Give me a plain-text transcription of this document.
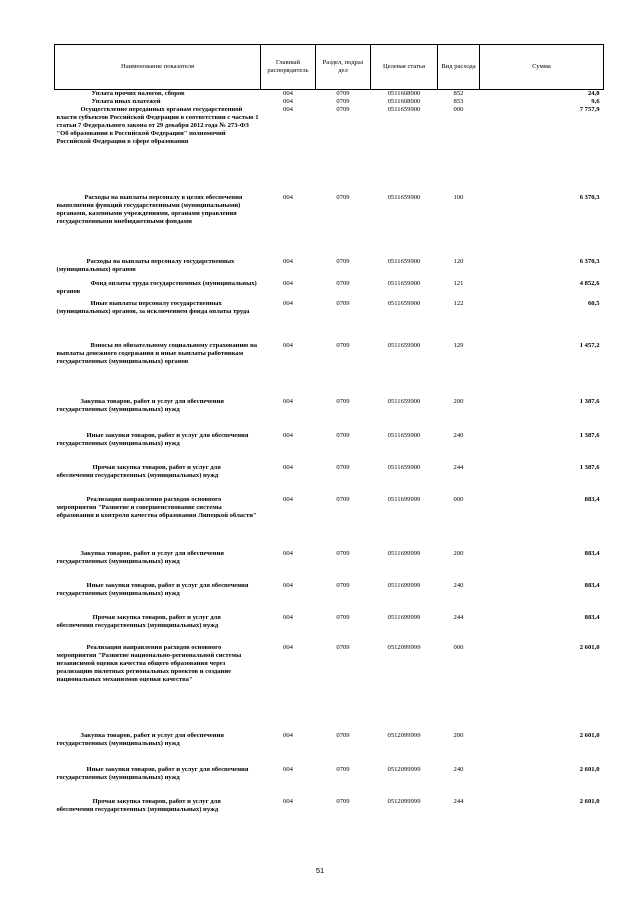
Наименование показателя	Главный распорядитель	Раздел, подраз дел	Целевая статья	Вид расхода	Сумма
Уплата прочих налогов, сборов	004	0709	0511608000	852	24,8
Уплата иных платежей	004	0709	0511608000	853	9,6
Осуществление переданных органам государственной власти субъектов Российской Федерации в соответствии с частью 1 статьи 7 Федерального закона от 29 декабря 2012 года № 273-ФЗ "Об образовании в Российской Федерации" полномочий Российской Федерации в сфере образования	004	0709	0511659900	000	7 757,9
Расходы на выплаты персоналу в целях обеспечения выполнения функций государственными (муниципальными) органами, казенными учреждениями, органами управления государственными внебюджетными фондами	004	0709	0511659900	100	6 370,3
Расходы на выплаты персоналу государственных (муниципальных) органов	004	0709	0511659900	120	6 370,3
Фонд оплаты труда государственных (муниципальных) органов	004	0709	0511659900	121	4 852,6
Иные выплаты персоналу государственных (муниципальных) органов, за исключением фонда оплаты труда	004	0709	0511659900	122	60,5
Взносы по обязательному социальному страхованию на выплаты денежного содержания и иные выплаты работникам государственных (муниципальных) органов	004	0709	0511659900	129	1 457,2
Закупка товаров, работ и услуг для обеспечения государственных (муниципальных) нужд	004	0709	0511659900	200	1 387,6
Иные закупки товаров, работ и услуг для обеспечения государственных (муниципальных) нужд	004	0709	0511659900	240	1 387,6
Прочая закупка товаров, работ и услуг для обеспечения государственных (муниципальных) нужд	004	0709	0511659900	244	1 387,6
Реализация направления расходов основного мероприятия "Развитие и совершенствование системы образования и контроля качества образования Липецкой области"	004	0709	0511699999	000	883,4
Закупка товаров, работ и услуг для обеспечения государственных (муниципальных) нужд	004	0709	0511699999	200	883,4
Иные закупки товаров, работ и услуг для обеспечения государственных (муниципальных) нужд	004	0709	0511699999	240	883,4
Прочая закупка товаров, работ и услуг для обеспечения государственных (муниципальных) нужд	004	0709	0511699999	244	883,4
Реализация направления расходов основного мероприятия "Развитие национально-региональной системы независимой оценки качества общего образования через реализацию пилотных региональных проектов и создание национальных механизмов оценки качества"	004	0709	0512099999	000	2 601,0
Закупка товаров, работ и услуг для обеспечения государственных (муниципальных) нужд	004	0709	0512099999	200	2 601,0
Иные закупки товаров, работ и услуг для обеспечения государственных (муниципальных) нужд	004	0709	0512099999	240	2 601,0
Прочая закупка товаров, работ и услуг для обеспечения государственных (муниципальных) нужд	004	0709	0512099999	244	2 601,0
51
